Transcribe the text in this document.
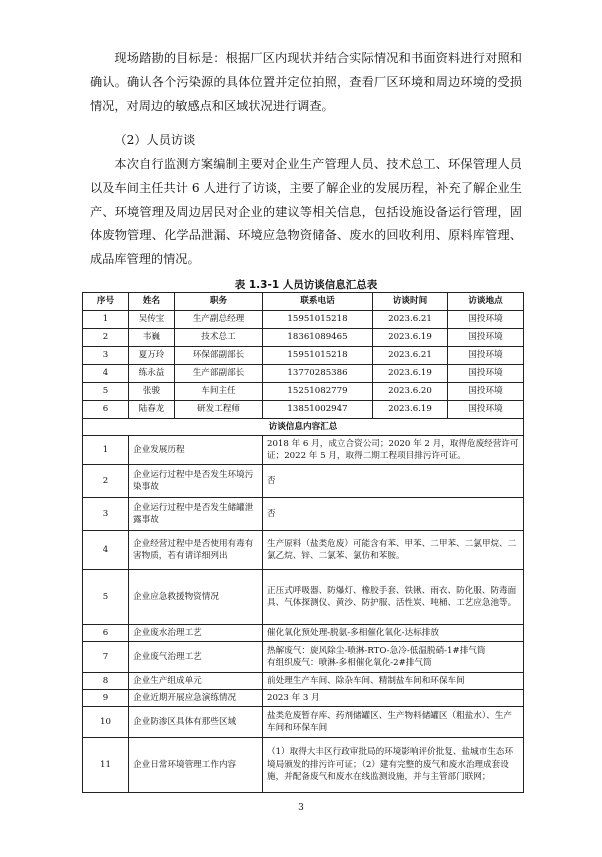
现场踏勘的目标是：根据厂区内现状并结合实际情况和书面资料进行对照和确认。确认各个污染源的具体位置并定位拍照，查看厂区环境和周边环境的受损情况，对周边的敏感点和区域状况进行调查。

（2）人员访谈

本次自行监测方案编制主要对企业生产管理人员、技术总工、环保管理人员以及车间主任共计 6 人进行了访谈，主要了解企业的发展历程，补充了解企业生产、环境管理及周边居民对企业的建议等相关信息，包括设施设备运行管理，固体废物管理、化学品泄漏、环境应急物资储备、废水的回收利用、原料库管理、成品库管理的情况。

表 1.3-1 人员访谈信息汇总表
序号	姓名	职务	联系电话	访谈时间	访谈地点
1	吴传宝	生产副总经理	15951015218	2023.6.21	国投环境
2	韦巍	技术总工	18361089465	2023.6.19	国投环境
3	夏万玲	环保部副部长	15951015218	2023.6.21	国投环境
4	练永益	生产部副部长	13770285386	2023.6.19	国投环境
5	张骏	车间主任	15251082779	2023.6.20	国投环境
6	陆春龙	研发工程师	13851002947	2023.6.19	国投环境
访谈信息内容汇总					
1	企业发展历程		2018 年 6 月，成立合资公司；2020 年 2 月，取得危废经营许可证；2022 年 5 月，取得二期工程项目排污许可证。		
2	企业运行过程中是否发生环境污染事故		否		
3	企业运行过程中是否发生储罐泄露事故		否		
4	企业经营过程中是否使用有毒有害物质，若有请详细列出		生产原料（盐类危废）可能含有苯、甲苯、二甲苯、二氯甲烷、二氯乙烷、锌、二氯苯、氯仿和苯胺。		
5	企业应急救援物资情况		正压式呼吸器、防爆灯、橡胶手套、铁锹、雨衣、防化服、防毒面具、气体探测仪、黄沙、防护服、活性炭、吨桶、工艺应急池等。		
6	企业废水治理工艺		催化氧化预处理-脱氨-多相催化氧化-达标排放		
7	企业废气治理工艺		热解废气：旋风除尘-喷淋-RTO-急冷-低温脱硝-1#排气筒
有组织废气：喷淋-多相催化氧化-2#排气筒		
8	企业生产组成单元		前处理生产车间、除杂车间、精制盐车间和环保车间		
9	企业近期开展应急演练情况		2023 年 3 月		
10	企业防渗区具体有那些区域		盐类危废暂存库、药剂储罐区、生产物料储罐区（粗盐水）、生产车间和环保车间		
11	企业日常环境管理工作内容		（1）取得大丰区行政审批局的环境影响评价批复、盐城市生态环境局颁发的排污许可证；（2）建有完整的废气和废水治理成套设施，并配备废气和废水在线监测设施，并与主管部门联网；		
3
